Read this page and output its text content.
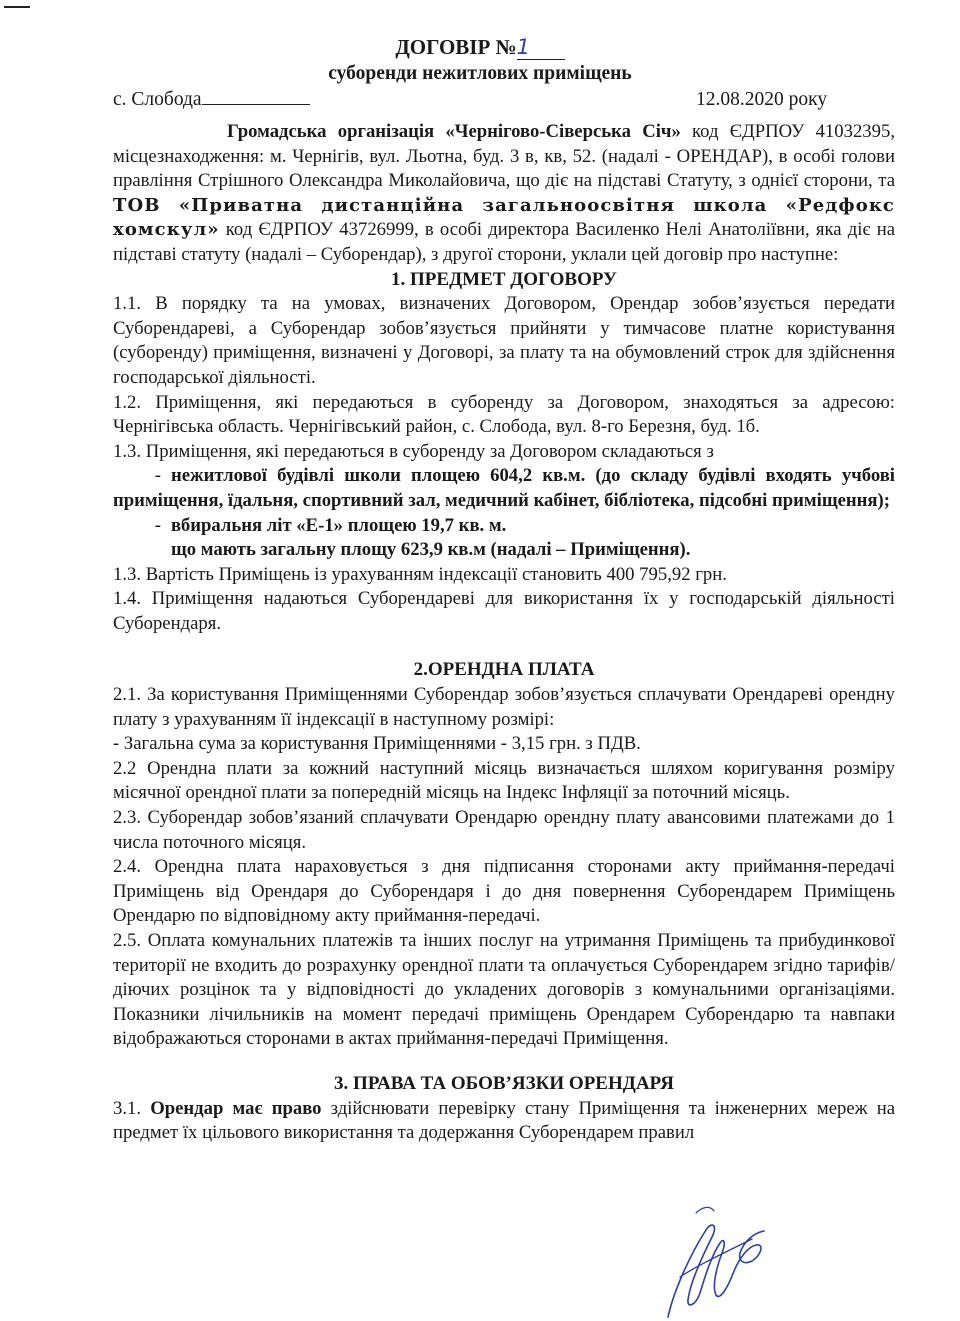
ДОГОВІР №1
суборенди нежитлових приміщень
с. Слобода	12.08.2020 року

Громадська організація «Чернігово-Сіверська Січ» код ЄДРПОУ 41032395, місцезнаходження: м. Чернігів, вул. Льотна, буд. 3 в, кв, 52. (надалі - ОРЕНДАР), в особі голови правління Стрішного Олександра Миколайовича, що діє на підставі Статуту, з однієї сторони, та ТОВ «Приватна дистанційна загальноосвітня школа «Редфокс хомскул» код ЄДРПОУ 43726999, в особі директора Василенко Нелі Анатоліївни, яка діє на підставі статуту (надалі – Суборендар), з другої сторони, уклали цей договір про наступне:

1. ПРЕДМЕТ ДОГОВОРУ

1.1. В порядку та на умовах, визначених Договором, Орендар зобов’язується передати Суборендареві, а Суборендар зобов’язується прийняти у тимчасове платне користування (суборенду) приміщення, визначені у Договорі, за плату та на обумовлений строк для здійснення господарської діяльності.

1.2. Приміщення, які передаються в суборенду за Договором, знаходяться за адресою: Чернігівська область. Чернігівський район, с. Слобода, вул. 8-го Березня, буд. 1б.

1.3. Приміщення, які передаються в суборенду за Договором складаються з

- нежитлової будівлі школи площею 604,2 кв.м. (до складу будівлі входять учбові приміщення, їдальня, спортивний зал, медичний кабінет, бібліотека, підсобні приміщення);

- вбиральня літ «Е-1» площею 19,7 кв. м.

що мають загальну площу 623,9 кв.м (надалі – Приміщення).

1.3. Вартість Приміщень із урахуванням індексації становить 400 795,92 грн.

1.4. Приміщення надаються Суборендареві для використання їх у господарській діяльності Суборендаря.

2.ОРЕНДНА ПЛАТА

2.1. За користування Приміщеннями Суборендар зобов’язується сплачувати Орендареві орендну плату з урахуванням її індексації в наступному розмірі:

- Загальна сума за користування Приміщеннями - 3,15 грн. з ПДВ.

2.2 Орендна плати за кожний наступний місяць визначається шляхом коригування розміру місячної орендної плати за попередній місяць на Індекс Інфляції за поточний місяць.

2.3. Суборендар зобов’язаний сплачувати Орендарю орендну плату авансовими платежами до 1 числа поточного місяця.

2.4. Орендна плата нараховується з дня підписання сторонами акту приймання-передачі Приміщень від Орендаря до Суборендаря і до дня повернення Суборендарем Приміщень Орендарю по відповідному акту приймання-передачі.

2.5. Оплата комунальних платежів та інших послуг на утримання Приміщень та прибудинкової території не входить до розрахунку орендної плати та оплачується Суборендарем згідно тарифів/діючих розцінок та у відповідності до укладених договорів з комунальними організаціями. Показники лічильників на момент передачі приміщень Орендарем Суборендарю та навпаки відображаються сторонами в актах приймання-передачі Приміщення.

3. ПРАВА ТА ОБОВ’ЯЗКИ ОРЕНДАРЯ

3.1. Орендар має право здійснювати перевірку стану Приміщення та інженерних мереж на предмет їх цільового використання та додержання Суборендарем правил
